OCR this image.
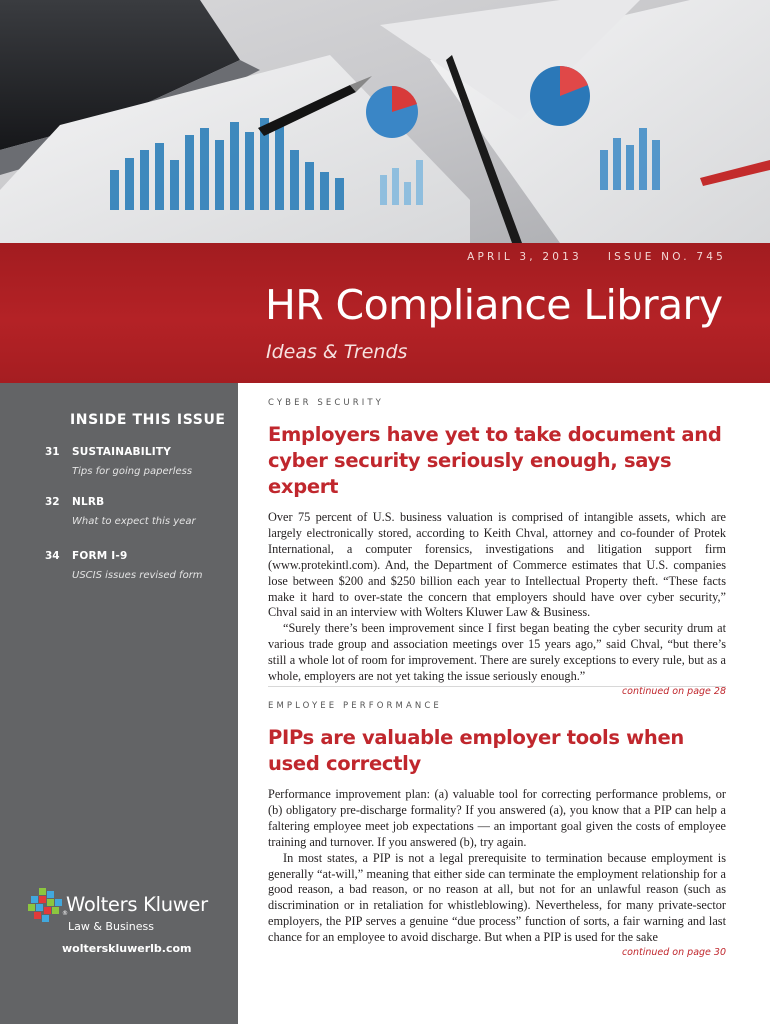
APRIL 3, 2013 ISSUE NO. 745
HR Compliance Library
Ideas & Trends
INSIDE THIS ISSUE
31 SUSTAINABILITY
Tips for going paperless
32 NLRB
What to expect this year
34 FORM I-9
USCIS issues revised form
®
Wolters Kluwer
Law & Business
wolterskluwerlb.com
CYBER SECURITY
Employers have yet to take document and cyber security seriously enough, says expert

Over 75 percent of U.S. business valuation is comprised of intangible assets, which are largely electronically stored, according to Keith Chval, attorney and co-founder of Protek International, a computer forensics, investigations and litigation support firm (www.protekintl.com). And, the Department of Commerce estimates that U.S. companies lose between $200 and $250 billion each year to Intellectual Property theft. “These facts make it hard to over-state the concern that employers should have over cyber security,” Chval said in an interview with Wolters Kluwer Law & Business.

“Surely there’s been improvement since I first began beating the cyber security drum at various trade group and association meetings over 15 years ago,” said Chval, “but there’s still a whole lot of room for improvement. There are surely exceptions to every rule, but as a whole, employers are not yet taking the issue seriously enough.”

continued on page 28
EMPLOYEE PERFORMANCE
PIPs are valuable employer tools when used correctly

Performance improvement plan: (a) valuable tool for correcting performance problems, or (b) obligatory pre-discharge formality? If you answered (a), you know that a PIP can help a faltering employee meet job expectations — an important goal given the costs of employee training and turnover. If you answered (b), try again.

In most states, a PIP is not a legal prerequisite to termination because employment is generally “at-will,” meaning that either side can terminate the employment relationship for a good reason, a bad reason, or no reason at all, but not for an unlawful reason (such as discrimination or in retaliation for whistleblowing). Nevertheless, for many private-sector employers, the PIP serves a genuine “due process” function of sorts, a fair warning and last chance for an employee to avoid discharge. But when a PIP is used for the sake

continued on page 30
